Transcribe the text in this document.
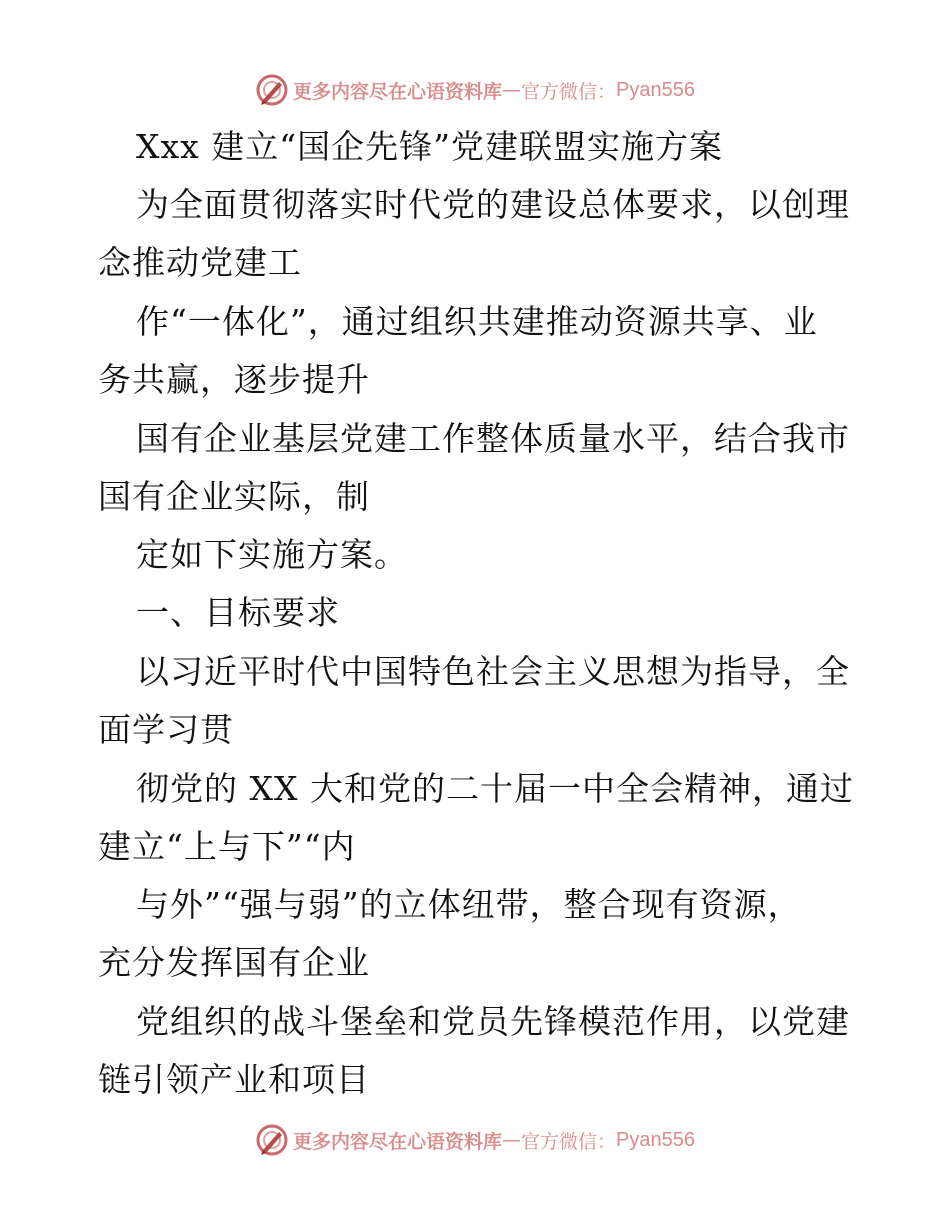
更多内容尽在心语资料库 — 官方微信： Pyan556
Xxx 建立“国企先锋”党建联盟实施方案
为全面贯彻落实时代党的建设总体要求，以创理
念推动党建工
作“一体化”，通过组织共建推动资源共享、业
务共赢，逐步提升
国有企业基层党建工作整体质量水平，结合我市
国有企业实际，制
定如下实施方案。
一、目标要求
以习近平时代中国特色社会主义思想为指导，全
面学习贯
彻党的 XX 大和党的二十届一中全会精神，通过
建立“上与下”“内
与外”“强与弱”的立体纽带，整合现有资源，
充分发挥国有企业
党组织的战斗堡垒和党员先锋模范作用，以党建
链引领产业和项目
更多内容尽在心语资料库 — 官方微信： Pyan556
